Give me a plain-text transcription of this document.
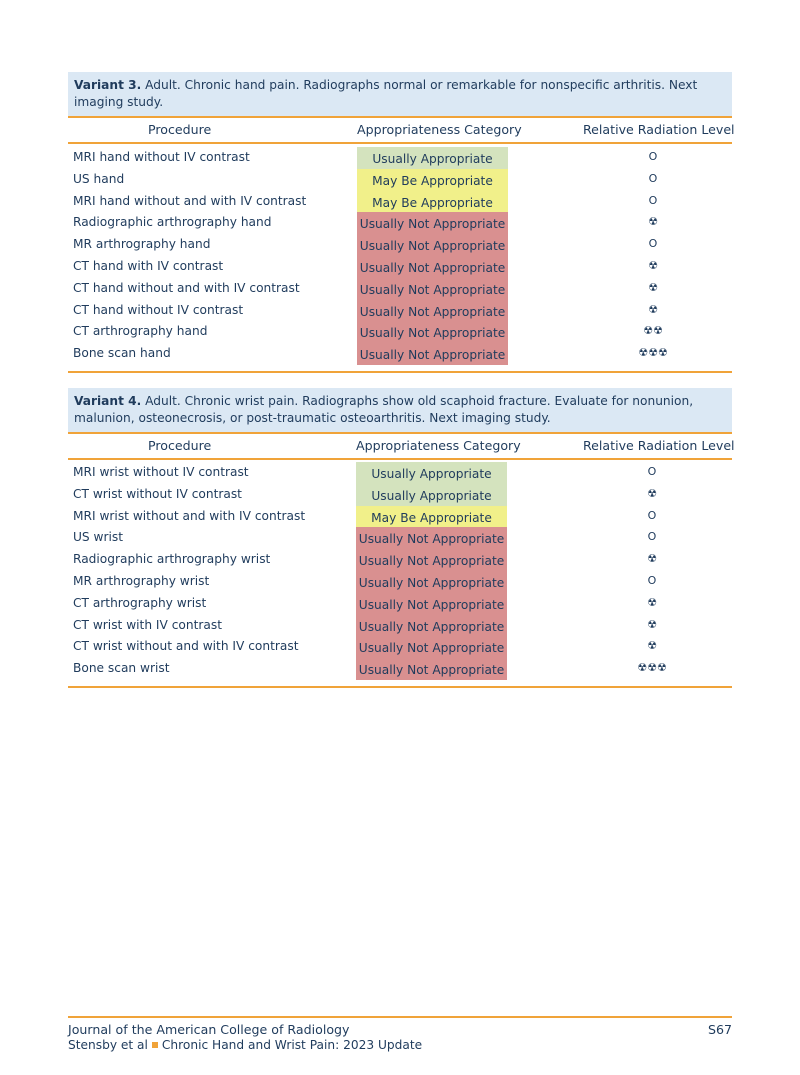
Variant 3. Adult. Chronic hand pain. Radiographs normal or remarkable for nonspecific arthritis. Next imaging study.
Procedure	Appropriateness Category	Relative Radiation Level
MRI hand without IV contrast	Usually Appropriate	O
US hand	May Be Appropriate	O
MRI hand without and with IV contrast	May Be Appropriate	O
Radiographic arthrography hand	Usually Not Appropriate	☢
MR arthrography hand	Usually Not Appropriate	O
CT hand with IV contrast	Usually Not Appropriate	☢
CT hand without and with IV contrast	Usually Not Appropriate	☢
CT hand without IV contrast	Usually Not Appropriate	☢
CT arthrography hand	Usually Not Appropriate	☢☢
Bone scan hand	Usually Not Appropriate	☢☢☢
Variant 4. Adult. Chronic wrist pain. Radiographs show old scaphoid fracture. Evaluate for nonunion, malunion, osteonecrosis, or post-traumatic osteoarthritis. Next imaging study.
Procedure	Appropriateness Category	Relative Radiation Level
MRI wrist without IV contrast	Usually Appropriate	O
CT wrist without IV contrast	Usually Appropriate	☢
MRI wrist without and with IV contrast	May Be Appropriate	O
US wrist	Usually Not Appropriate	O
Radiographic arthrography wrist	Usually Not Appropriate	☢
MR arthrography wrist	Usually Not Appropriate	O
CT arthrography wrist	Usually Not Appropriate	☢
CT wrist with IV contrast	Usually Not Appropriate	☢
CT wrist without and with IV contrast	Usually Not Appropriate	☢
Bone scan wrist	Usually Not Appropriate	☢☢☢
Journal of the American College of Radiology	S67
Stensby et al Chronic Hand and Wrist Pain: 2023 Update
